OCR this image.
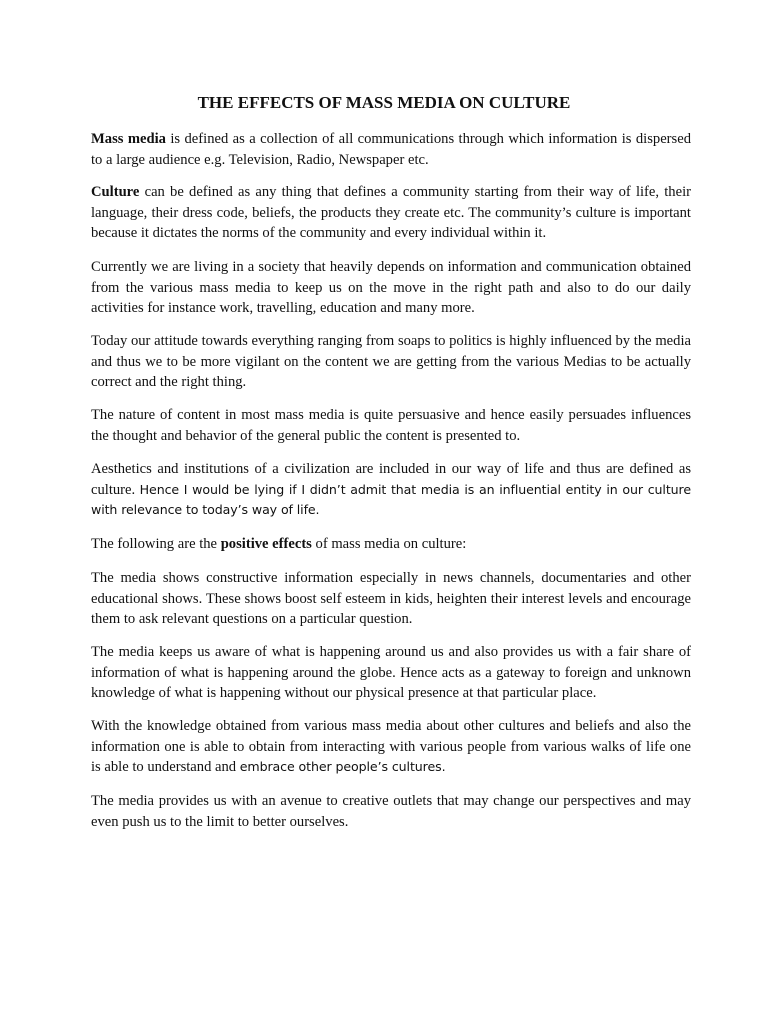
THE EFFECTS OF MASS MEDIA ON CULTURE

Mass media is defined as a collection of all communications through which information is dispersed to a large audience e.g. Television, Radio, Newspaper etc.

Culture can be defined as any thing that defines a community starting from their way of life, their language, their dress code, beliefs, the products they create etc. The community’s culture is important because it dictates the norms of the community and every individual within it.

Currently we are living in a society that heavily depends on information and communication obtained from the various mass media to keep us on the move in the right path and also to do our daily activities for instance work, travelling, education and many more.

Today our attitude towards everything ranging from soaps to politics is highly influenced by the media and thus we to be more vigilant on the content we are getting from the various Medias to be actually correct and the right thing.

The nature of content in most mass media is quite persuasive and hence easily persuades influences the thought and behavior of the general public the content is presented to.

Aesthetics and institutions of a civilization are included in our way of life and thus are defined as culture. Hence I would be lying if I didn’t admit that media is an influential entity in our culture with relevance to today’s way of life.

The following are the positive effects of mass media on culture:

The media shows constructive information especially in news channels, documentaries and other educational shows. These shows boost self esteem in kids, heighten their interest levels and encourage them to ask relevant questions on a particular question.

The media keeps us aware of what is happening around us and also provides us with a fair share of information of what is happening around the globe. Hence acts as a gateway to foreign and unknown knowledge of what is happening without our physical presence at that particular place.

With the knowledge obtained from various mass media about other cultures and beliefs and also the information one is able to obtain from interacting with various people from various walks of life one is able to understand and embrace other people’s cultures.

The media provides us with an avenue to creative outlets that may change our perspectives and may even push us to the limit to better ourselves.
